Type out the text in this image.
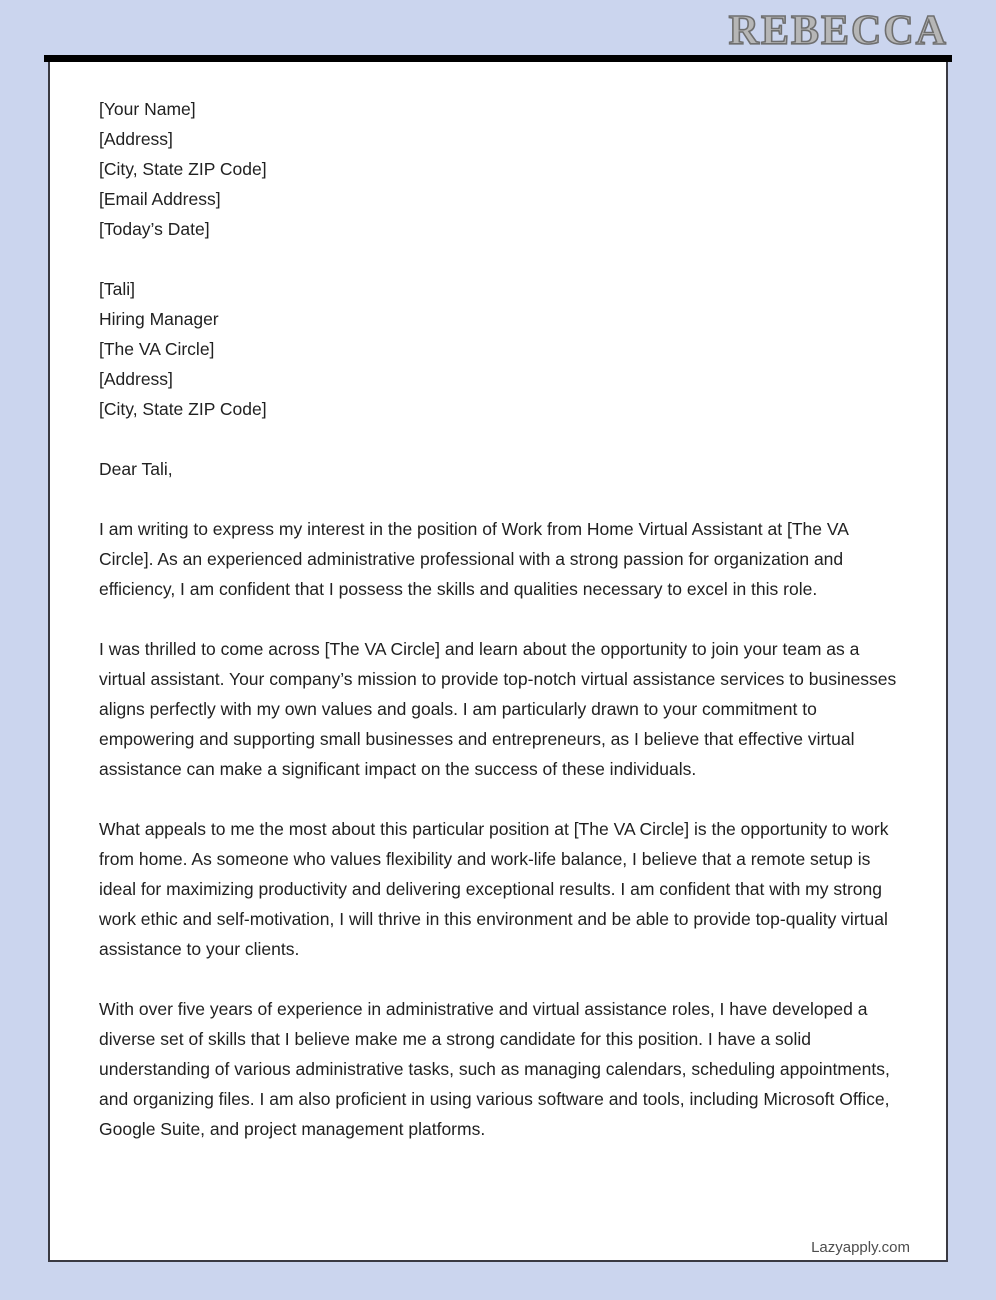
REBECCA
[Your Name]
[Address]
[City, State ZIP Code]
[Email Address]
[Today’s Date]
[Tali]
Hiring Manager
[The VA Circle]
[Address]
[City, State ZIP Code]
Dear Tali,

I am writing to express my interest in the position of Work from Home Virtual Assistant at [The VA Circle]. As an experienced administrative professional with a strong passion for organization and efficiency, I am confident that I possess the skills and qualities necessary to excel in this role.

I was thrilled to come across [The VA Circle] and learn about the opportunity to join your team as a virtual assistant. Your company’s mission to provide top-notch virtual assistance services to businesses aligns perfectly with my own values and goals. I am particularly drawn to your commitment to empowering and supporting small businesses and entrepreneurs, as I believe that effective virtual assistance can make a significant impact on the success of these individuals.

What appeals to me the most about this particular position at [The VA Circle] is the opportunity to work from home. As someone who values flexibility and work-life balance, I believe that a remote setup is ideal for maximizing productivity and delivering exceptional results. I am confident that with my strong work ethic and self-motivation, I will thrive in this environment and be able to provide top-quality virtual assistance to your clients.

With over five years of experience in administrative and virtual assistance roles, I have developed a diverse set of skills that I believe make me a strong candidate for this position. I have a solid understanding of various administrative tasks, such as managing calendars, scheduling appointments, and organizing files. I am also proficient in using various software and tools, including Microsoft Office, Google Suite, and project management platforms.

Lazyapply.com
